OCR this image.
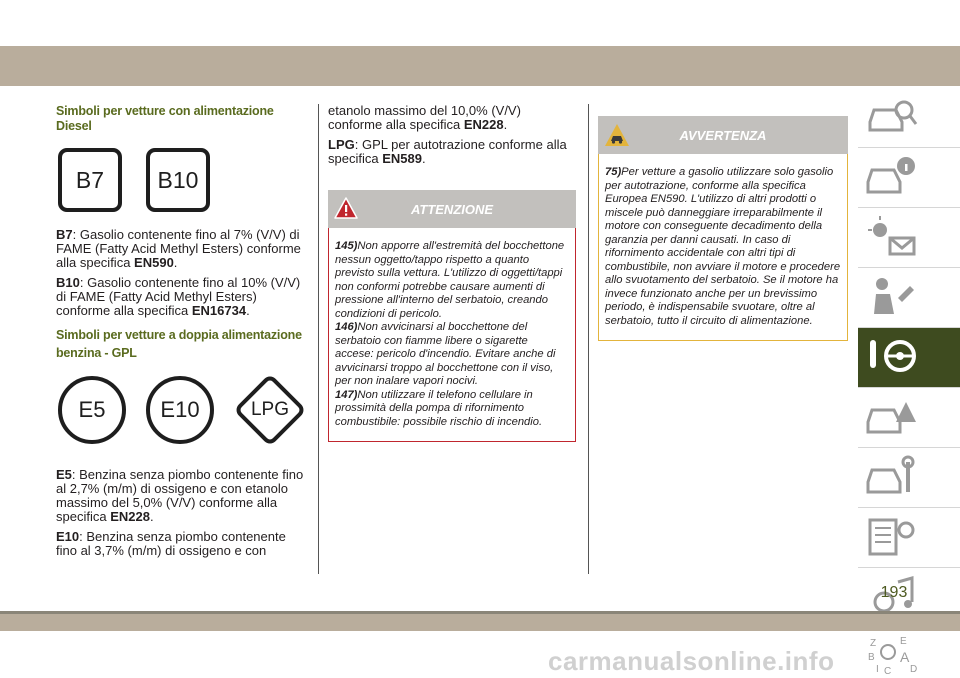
Simboli per vetture con alimentazione Diesel
B7	B10

B7: Gasolio contenente fino al 7% (V/V) di FAME (Fatty Acid Methyl Esters) conforme alla specifica EN590.

B10: Gasolio contenente fino al 10% (V/V) di FAME (Fatty Acid Methyl Esters) conforme alla specifica EN16734.

Simboli per vetture a doppia alimentazione benzina - GPL
E5	E10	LPG

E5: Benzina senza piombo contenente fino al 2,7% (m/m) di ossigeno e con etanolo massimo del 5,0% (V/V) conforme alla specifica EN228.

E10: Benzina senza piombo contenente fino al 3,7% (m/m) di ossigeno e con

etanolo massimo del 10,0% (V/V) conforme alla specifica EN228.

LPG: GPL per autotrazione conforme alla specifica EN589.

ATTENZIONE

145)Non apporre all'estremità del bocchettone nessun oggetto/tappo rispetto a quanto previsto sulla vettura. L'utilizzo di oggetti/tappi non conformi potrebbe causare aumenti di pressione all'interno del serbatoio, creando condizioni di pericolo.

146)Non avvicinarsi al bocchettone del serbatoio con fiamme libere o sigarette accese: pericolo d'incendio. Evitare anche di avvicinarsi troppo al bocchettone con il viso, per non inalare vapori nocivi.

147)Non utilizzare il telefono cellulare in prossimità della pompa di rifornimento combustibile: possibile rischio di incendio.

AVVERTENZA

75)Per vetture a gasolio utilizzare solo gasolio per autotrazione, conforme alla specifica Europea EN590. L'utilizzo di altri prodotti o miscele può danneggiare irreparabilmente il motore con conseguente decadimento della garanzia per danni causati. In caso di rifornimento accidentale con altri tipi di combustibile, non avviare il motore e procedere allo svuotamento del serbatoio. Se il motore ha invece funzionato anche per un brevissimo periodo, è indispensabile svuotare, oltre al serbatoio, tutto il circuito di alimentazione.

Z E
B A
I C D
193
carmanualsonline.info
